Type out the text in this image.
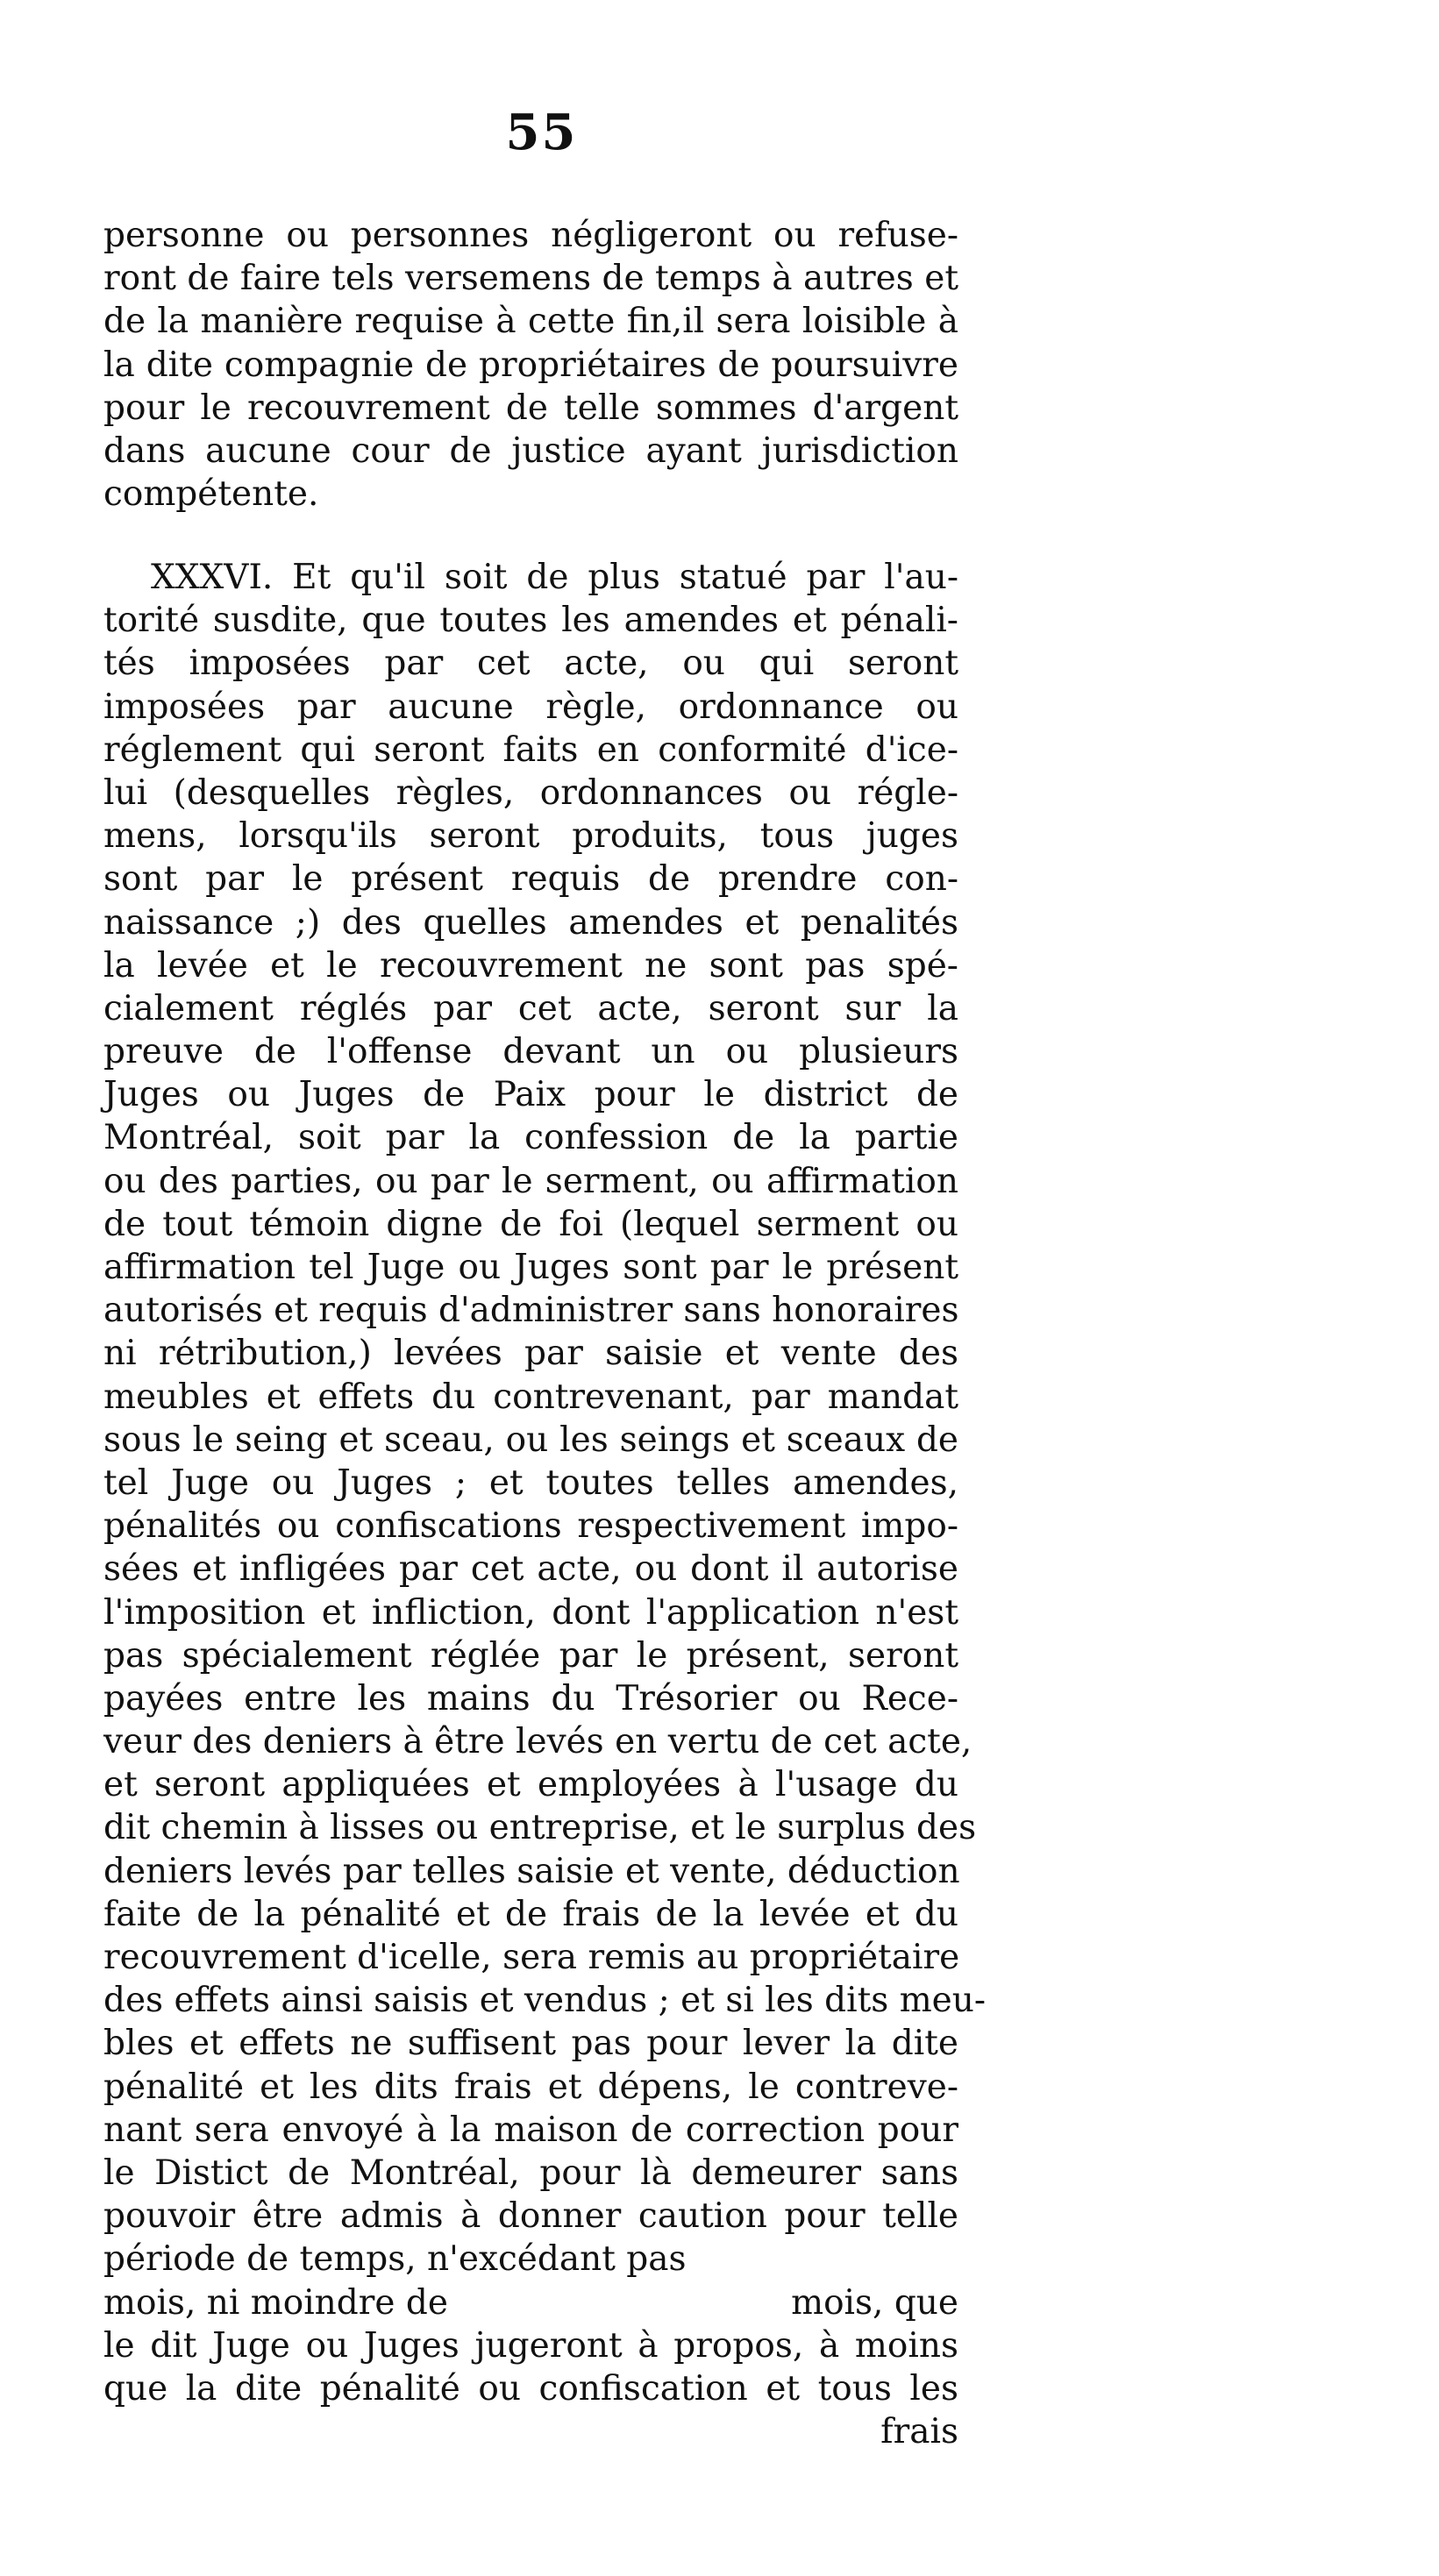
55
personne ou personnes négligeront ou refuse-
ront de faire tels versemens de temps à autres et
de la manière requise à cette fin,il sera loisible à
la dite compagnie de propriétaires de poursuivre
pour le recouvrement de telle sommes d'argent
dans aucune cour de justice ayant jurisdiction
compétente.
XXXVI. Et qu'il soit de plus statué par l'au-
torité susdite, que toutes les amendes et pénali-
tés imposées par cet acte, ou qui seront
imposées par aucune règle, ordonnance ou
réglement qui seront faits en conformité d'ice-
lui (desquelles règles, ordonnances ou régle-
mens, lorsqu'ils seront produits, tous juges
sont par le présent requis de prendre con-
naissance ;) des quelles amendes et penalités
la levée et le recouvrement ne sont pas spé-
cialement réglés par cet acte, seront sur la
preuve de l'offense devant un ou plusieurs
Juges ou Juges de Paix pour le district de
Montréal, soit par la confession de la partie
ou des parties, ou par le serment, ou affirmation
de tout témoin digne de foi (lequel serment ou
affirmation tel Juge ou Juges sont par le présent
autorisés et requis d'administrer sans honoraires
ni rétribution,) levées par saisie et vente des
meubles et effets du contrevenant, par mandat
sous le seing et sceau, ou les seings et sceaux de
tel Juge ou Juges ; et toutes telles amendes,
pénalités ou confiscations respectivement impo-
sées et infligées par cet acte, ou dont il autorise
l'imposition et infliction, dont l'application n'est
pas spécialement réglée par le présent, seront
payées entre les mains du Trésorier ou Rece-
veur des deniers à être levés en vertu de cet acte,
et seront appliquées et employées à l'usage du
dit chemin à lisses ou entreprise, et le surplus des
deniers levés par telles saisie et vente, déduction
faite de la pénalité et de frais de la levée et du
recouvrement d'icelle, sera remis au propriétaire
des effets ainsi saisis et vendus ; et si les dits meu-
bles et effets ne suffisent pas pour lever la dite
pénalité et les dits frais et dépens, le contreve-
nant sera envoyé à la maison de correction pour
le Distict de Montréal, pour là demeurer sans
pouvoir être admis à donner caution pour telle
période de temps, n'excédant pas
mois, ni moindre de	mois, que
le dit Juge ou Juges jugeront à propos, à moins
que la dite pénalité ou confiscation et tous les
frais
